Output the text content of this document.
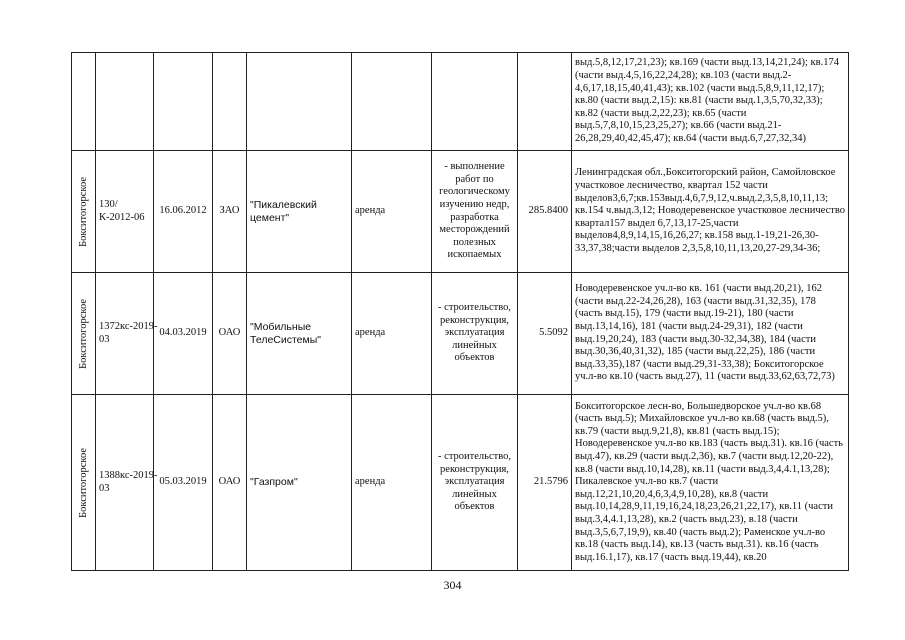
								выд.5,8,12,17,21,23); кв.169 (части выд.13,14,21,24); кв.174 (части выд.4,5,16,22,24,28); кв.103 (части выд.2-4,6,17,18,15,40,41,43); кв.102 (части выд.5,8,9,11,12,17); кв.80 (части выд.2,15): кв.81 (части выд.1,3,5,70,32,33); кв.82 (части выд.2,22,23); кв.65 (части выд.5,7,8,10,15,23,25,27); кв.66 (части выд.21-26,28,29,40,42,45,47); кв.64 (части выд.6,7,27,32,34)

Бокситогорское	130/К-2012-06	16.06.2012	ЗАО	"Пикалевский цемент"	аренда	- выполнение работ по геологическому изучению недр, разработка месторождений полезных ископаемых	285.8400	Ленинградская обл.,Бокситогорский район, Самойловское участковое лесничество, квартал 152 части выделов3,6,7;кв.153выд.4,6,7,9,12,ч.выд.2,3,5,8,10,11,13; кв.154 ч.выд.3,12; Новодеревенское участковое лесничество квартал157 выдел 6,7,13,17-25,части выделов4,8,9,14,15,16,26,27; кв.158 выд.1-19,21-26,30-33,37,38;части выделов 2,3,5,8,10,11,13,20,27-29,34-36;

Бокситогорское	1372кс-2019-03	04.03.2019	ОАО	"Мобильные ТелеСистемы"	аренда	- строительство, реконструкция, эксплуатация линейных объектов	5.5092	Новодеревенское уч.л-во кв. 161 (части выд.20,21), 162 (части выд.22-24,26,28), 163 (части выд.31,32,35), 178 (часть выд.15), 179 (части выд.19-21), 180 (части выд.13,14,16), 181 (части выд.24-29,31), 182 (части выд.19,20,24), 183 (части выд.30-32,34,38), 184 (части выд.30,36,40,31,32), 185 (части выд.22,25), 186 (части выд.33,35),187 (части выд.29,31-33,38); Бокситогорское уч.л-во кв.10 (часть выд.27), 11 (части выд.33,62,63,72,73)

Бокситогорское	1388кс-2019-03	05.03.2019	ОАО	"Газпром"	аренда	- строительство, реконструкция, эксплуатация линейных объектов	21.5796	Бокситогорское лесн-во, Большедворское уч.л-во кв.68 (часть выд.5); Михайловское уч.л-во кв.68 (часть выд.5), кв.79 (части выд.9,21,8), кв.81 (часть выд.15); Новодеревенское уч.л-во кв.183 (часть выд.31). кв.16 (часть выд.47), кв.29 (части выд.2,36), кв.7 (части выд.12,20-22), кв.8 (части выд.10,14,28), кв.11 (части выд.3,4,4.1,13,28); Пикалевское уч.л-во кв.7 (части выд.12,21,10,20,4,6,3,4,9,10,28), кв.8 (части выд.10,14,28,9,11,19,16,24,18,23,26,21,22,17), кв.11 (части выд.3,4,4.1,13,28), кв.2 (часть выд.23), в.18 (части выд.3,5,6,7,19,9), кв.40 (часть выд.2); Раменское уч.л-во кв.18 (часть выд.14), кв.13 (часть выд.31). кв.16 (часть выд.16.1,17), кв.17 (часть выд.19,44), кв.20
304
